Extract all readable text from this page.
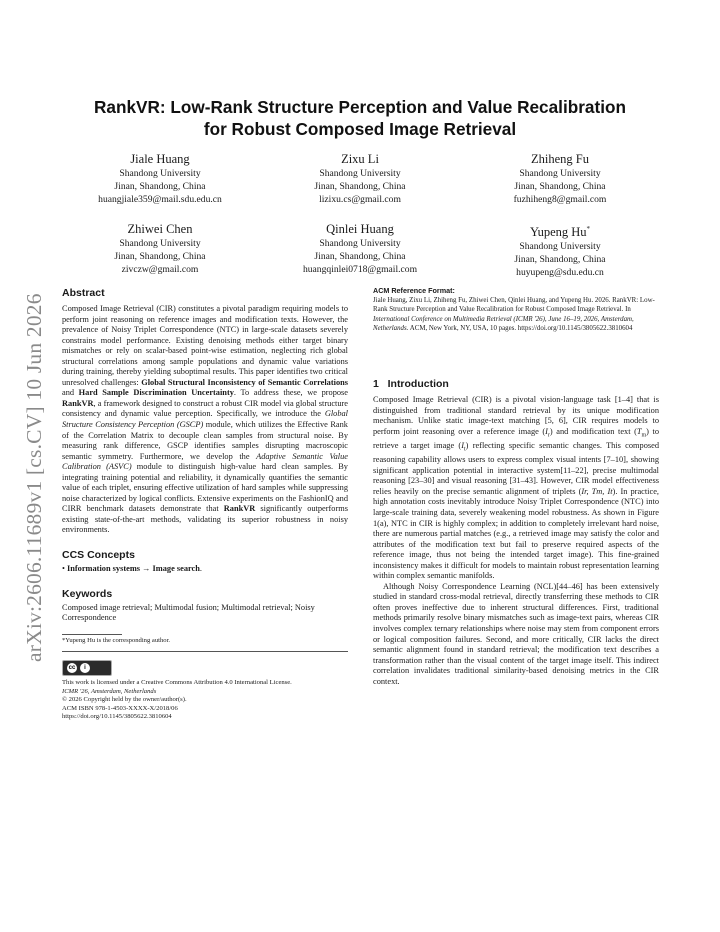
arXiv:2606.11689v1 [cs.CV] 10 Jun 2026
RankVR: Low-Rank Structure Perception and Value Recalibration
for Robust Composed Image Retrieval
Jiale Huang
Shandong University
Jinan, Shandong, China
huangjiale359@mail.sdu.edu.cn
Zixu Li
Shandong University
Jinan, Shandong, China
lizixu.cs@gmail.com
Zhiheng Fu
Shandong University
Jinan, Shandong, China
fuzhiheng8@gmail.com
Zhiwei Chen
Shandong University
Jinan, Shandong, China
zivczw@gmail.com
Qinlei Huang
Shandong University
Jinan, Shandong, China
huangqinlei0718@gmail.com
Yupeng Hu*
Shandong University
Jinan, Shandong, China
huyupeng@sdu.edu.cn
Abstract

Composed Image Retrieval (CIR) constitutes a pivotal paradigm requiring models to perform joint reasoning on reference images and modification texts. However, the prevalence of Noisy Triplet Correspondence (NTC) in large-scale datasets severely constrains model performance. Existing denoising methods either target binary mismatches or rely on scalar-based point-wise estimation, neglecting rich global structural correlations among sample populations and dynamic value variations during training, thereby yielding suboptimal results. This paper identifies two critical unresolved challenges: Global Structural Inconsistency of Semantic Correlations and Hard Sample Discrimination Uncertainty. To address these, we propose RankVR, a framework designed to construct a robust CIR model via global structure consistency and dynamic value perception. Specifically, we introduce the Global Structure Consistency Perception (GSCP) module, which utilizes the Effective Rank of the Correlation Matrix to decouple clean samples from structural noise. By measuring rank difference, GSCP identifies samples disrupting macroscopic semantic symmetry. Furthermore, we develop the Adaptive Semantic Value Calibration (ASVC) module to distinguish high-value hard clean samples. By integrating training potential and reliability, it dynamically quantifies the semantic value of each triplet, ensuring effective utilization of hard samples while suppressing noise characterized by logical conflicts. Extensive experiments on the FashionIQ and CIRR benchmark datasets demonstrate that RankVR significantly outperforms existing state-of-the-art methods, validating its superior robustness in noisy environments.

CCS Concepts

• Information systems → Image search.

Keywords

Composed image retrieval; Multimodal fusion; Multimodal retrieval; Noisy Correspondence

*Yupeng Hu is the corresponding author.

cc i

This work is licensed under a Creative Commons Attribution 4.0 International License.

ICMR '26, Amsterdam, Netherlands

© 2026 Copyright held by the owner/author(s).

ACM ISBN 978-1-4503-XXXX-X/2018/06

https://doi.org/10.1145/3805622.3810604

ACM Reference Format:

Jiale Huang, Zixu Li, Zhiheng Fu, Zhiwei Chen, Qinlei Huang, and Yupeng Hu. 2026. RankVR: Low-Rank Structure Perception and Value Recalibration for Robust Composed Image Retrieval. In International Conference on Multimedia Retrieval (ICMR '26), June 16–19, 2026, Amsterdam, Netherlands. ACM, New York, NY, USA, 10 pages. https://doi.org/10.1145/3805622.3810604

1 Introduction

Composed Image Retrieval (CIR) is a pivotal vision-language task [1–4] that is distinguished from traditional standard retrieval by its unique modification mechanism. Unlike static image-text matching [5, 6], CIR requires models to perform joint reasoning over a reference image $(I_r)$ and modification text $(T_m)$ to retrieve a target image $(I_t)$ reflecting specific semantic changes. This composed reasoning capability allows users to express complex visual intents [7–10], showing significant application potential in interactive system[11–22], precise multimodal reasoning [23–30] and visual reasoning [31–43]. However, CIR model effectiveness relies heavily on the precise semantic alignment of triplets (Ir, Tm, It). In practice, high annotation costs inevitably introduce Noisy Triplet Correspondence (NTC) into large-scale training data, severely weakening model robustness. As shown in Figure 1(a), NTC in CIR is highly complex; in addition to completely irrelevant hard noise, there are numerous partial matches (e.g., a retrieved image may satisfy the color and attributes of the modification text but fail to preserve required aspects of the reference image, thus not being the intended target image). This fine-grained inconsistency makes it difficult for models to maintain robust representation learning within complex semantic manifolds.

Although Noisy Correspondence Learning (NCL)[44–46] has been extensively studied in standard cross-modal retrieval, directly transferring these methods to CIR often proves ineffective due to inherent structural differences. First, traditional methods primarily resolve binary mismatches such as image-text pairs, whereas CIR involves complex ternary relationships where noise may stem from component errors or logical composition failures. Second, and more critically, CIR lacks the direct semantic alignment found in standard retrieval; the modification text describes a transformation rather than the visual content of the target image itself. This indirect correlation invalidates traditional similarity-based denoising metrics in the CIR context.
